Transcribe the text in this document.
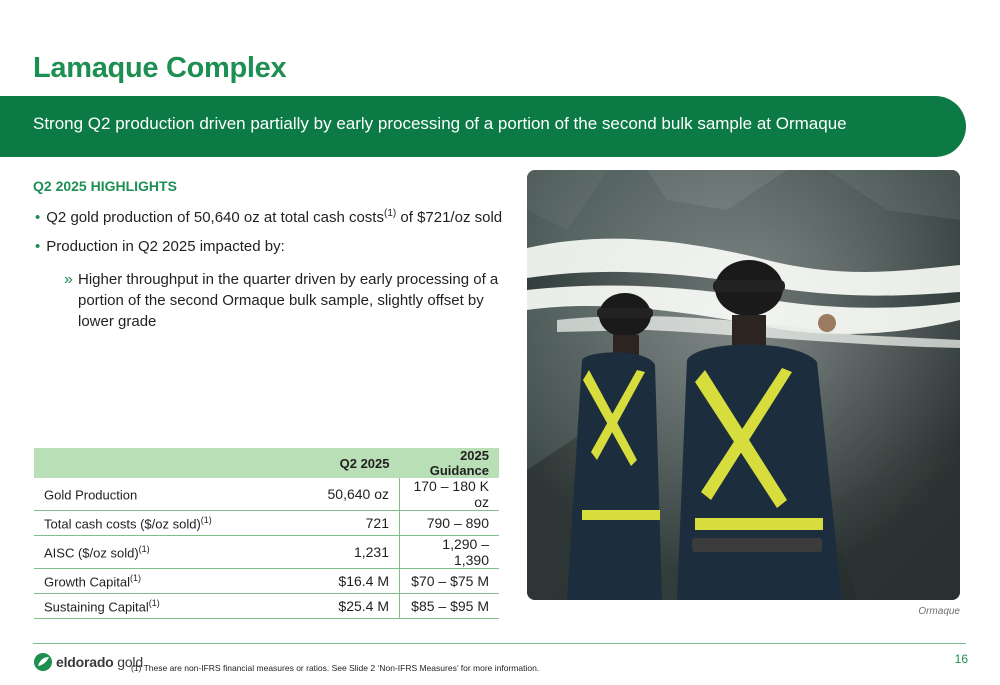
Lamaque Complex
Strong Q2 production driven partially by early processing of a portion of the second bulk sample at Ormaque
Q2 2025 HIGHLIGHTS
• Q2 gold production of 50,640 oz at total cash costs$^{(1)}$ of $721/oz sold
• Production in Q2 2025 impacted by:
» Higher throughput in the quarter driven by early processing of a portion of the second Ormaque bulk sample, slightly offset by lower grade
	Q2 2025	2025 Guidance
Gold Production	50,640 oz	170 – 180 K oz
Total cash costs ($/oz sold)$^{(1)}$	721	790 – 890
AISC ($/oz sold)$^{(1)}$	1,231	1,290 – 1,390
Growth Capital$^{(1)}$	$16.4 M	$70 – $75 M
Sustaining Capital$^{(1)}$	$25.4 M	$85 – $95 M	Ormaque
eldorado gold
(1) These are non-IFRS financial measures or ratios. See Slide 2 ‘Non-IFRS Measures’ for more information.
16
